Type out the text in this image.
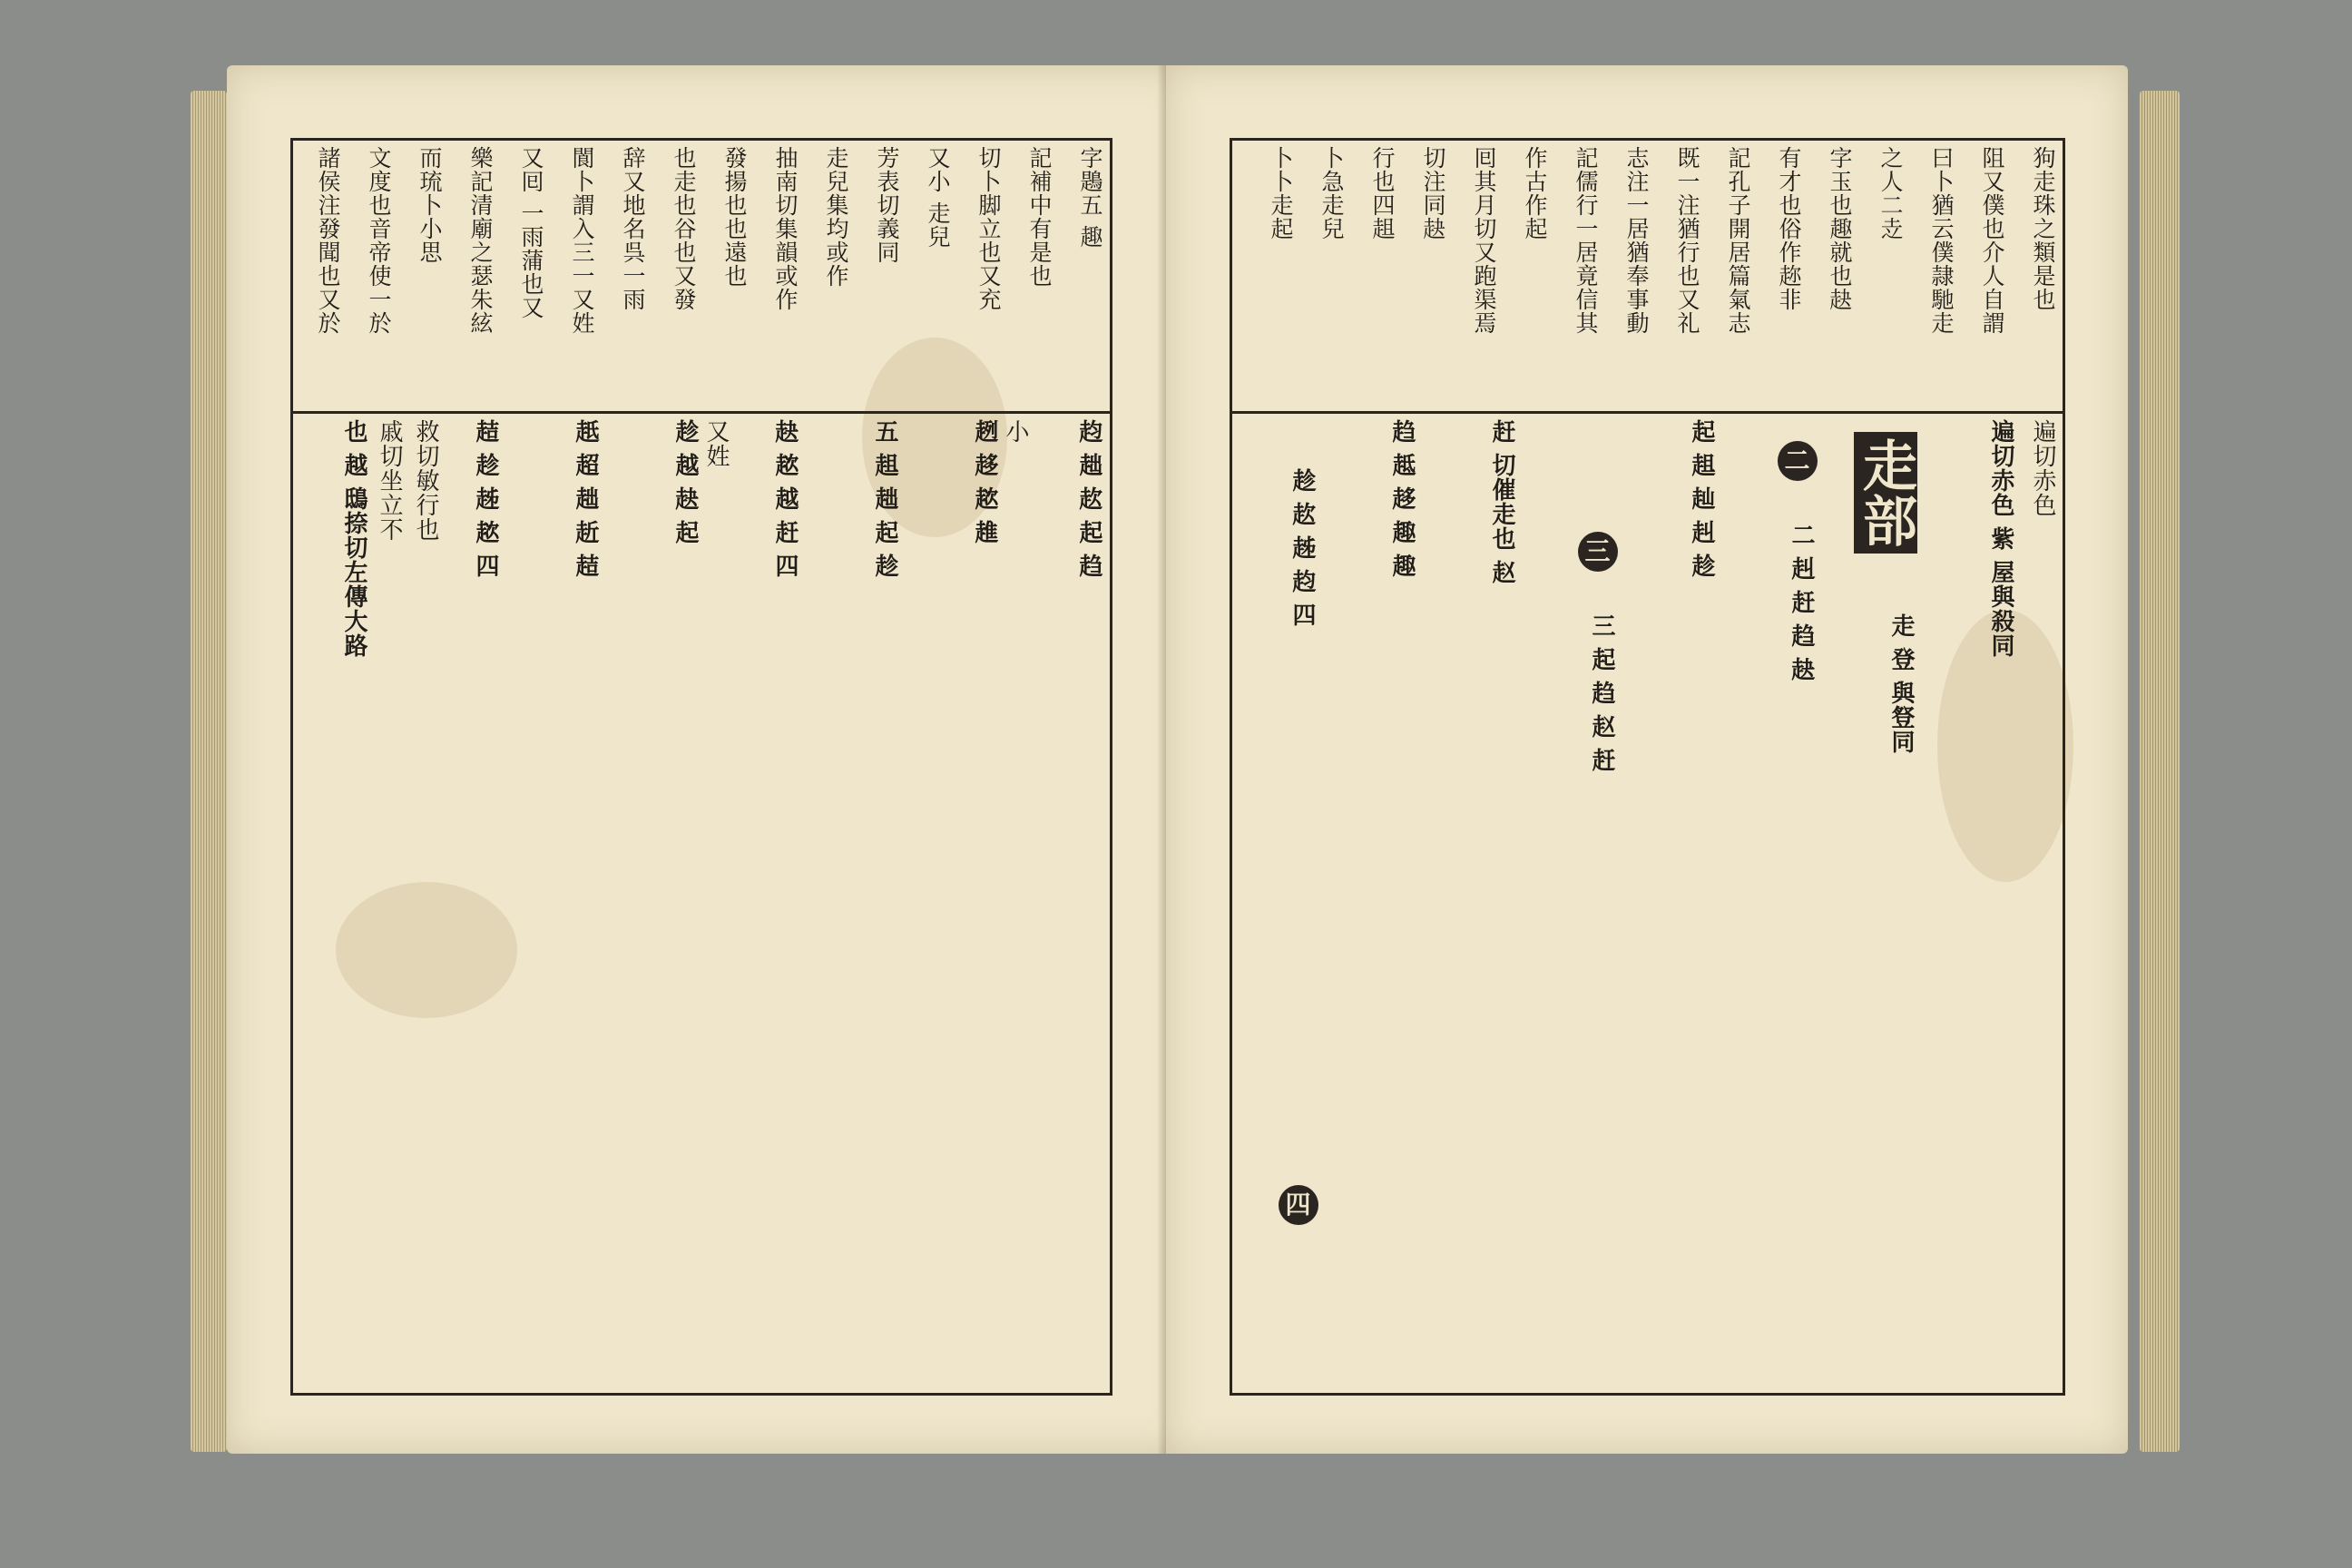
字鶗五 趣
記補中有是也
切卜脚立也又充
又小 走兒
芳表切義同
走兒集均或作
抽南切集韻或作
發揚也也遠也
也走也谷也又發
辞又地名呉一雨
閬卜謂入三一又姓
又囘 一雨蒲也又
樂記清廟之瑟朱絃
而琉卜小思
文度也音帝使一於
諸侯注發聞也又於
赹 趉 赼 起 趋
小
趔 趍 趑 趡
五 趄 趉 起 趁
赽 趑 越 赶 四
又姓
趁 越 赽 起
赿 超 趉 赾 趌
趌 趁 趀 趑 四
救切敏行也
戚切坐立不
也 越 鴟捺切左傳大路
狗走珠之類是也
阻又僕也介人自謂
曰卜猶云僕隷馳走
之人二赱
字玉也趣就也赽
有才也俗作趂非
記孔子開居篇氣志
既一注猶行也又礼
志注一居猶奉事動
記儒行一居竟信其
作古作起
囘其月切又跑渠焉
切注同赽
行也四趄
卜急走兒
卜卜走起
遍切赤色
遍切赤色 紫 屋與殺同
走部
走 登 與豋同
二
二 赳 赶 趋 赽
起 趄 赸 赳 趁
三
三 起 趋 赵 赶
赶 切催走也 赵
趋 趆 趍 趣 趣
四
趁 赼 趀 赹 四
